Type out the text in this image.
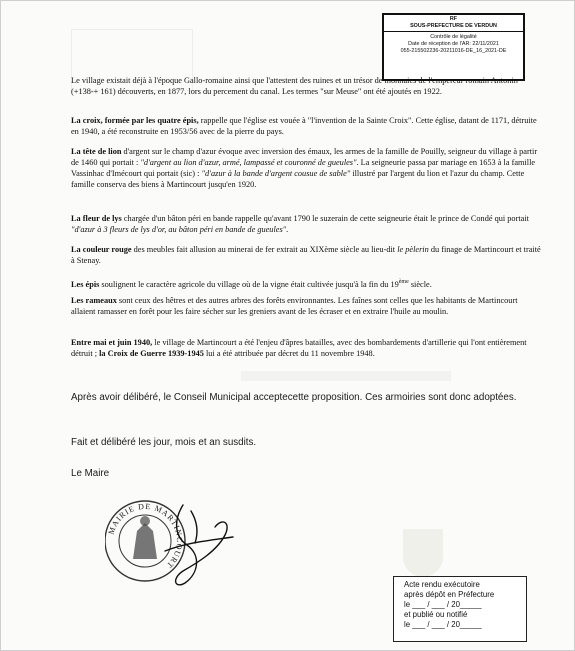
RF
SOUS-PREFECTURE DE VERDUN
Contrôle de légalité
Date de réception de l'AR: 22/11/2021
055-215502236-20211016-DE_16_2021-DE
Le village existait déjà à l'époque Gallo-romaine ainsi que l'attestent des ruines et un trésor de monnaies de l'empereur romain Antonin (+138-+ 161) découverts, en 1877, lors du percement du canal. Les termes "sur Meuse" ont été ajoutés en 1922.
La croix, formée par les quatre épis, rappelle que l'église est vouée à "l'invention de la Sainte Croix". Cette église, datant de 1171, détruite en 1940, a été reconstruite en 1953/56 avec de la pierre du pays.
La tête de lion d'argent sur le champ d'azur évoque avec inversion des émaux, les armes de la famille de Pouilly, seigneur du village à partir de 1460 qui portait : "d'argent au lion d'azur, armé, lampassé et couronné de gueules". La seigneurie passa par mariage en 1653 à la famille Vassinhac d'Imécourt qui portait (sic) : "d'azur à la bande d'argent cousue de sable" illustré par l'argent du lion et l'azur du champ. Cette famille conserva des biens à Martincourt jusqu'en 1920.
La fleur de lys chargée d'un bâton péri en bande rappelle qu'avant 1790 le suzerain de cette seigneurie était le prince de Condé qui portait "d'azur à 3 fleurs de lys d'or, au bâton péri en bande de gueules".
La couleur rouge des meubles fait allusion au minerai de fer extrait au XIXème siècle au lieu-dit le pèlerin du finage de Martincourt et traité à Stenay.
Les épis soulignent le caractère agricole du village où de la vigne était cultivée jusqu'à la fin du 19ème siècle.
Les rameaux sont ceux des hêtres et des autres arbres des forêts environnantes. Les faînes sont celles que les habitants de Martincourt allaient ramasser en forêt pour les faire sécher sur les greniers avant de les écraser et en extraire l'huile au moulin.
Entre mai et juin 1940, le village de Martincourt a été l'enjeu d'âpres batailles, avec des bombardements d'artillerie qui l'ont entièrement détruit ; la Croix de Guerre 1939-1945 lui a été attribuée par décret du 11 novembre 1948.
Après avoir délibéré, le Conseil Municipal acceptecette proposition. Ces armoiries sont donc adoptées.
Fait et délibéré les jour, mois et an susdits.
Le Maire
MAIRIE DE MARTINCOURT
Acte rendu exécutoire
après dépôt en Préfecture
le ___ / ___ / 20_____
et publié ou notifié
le ___ / ___ / 20_____
